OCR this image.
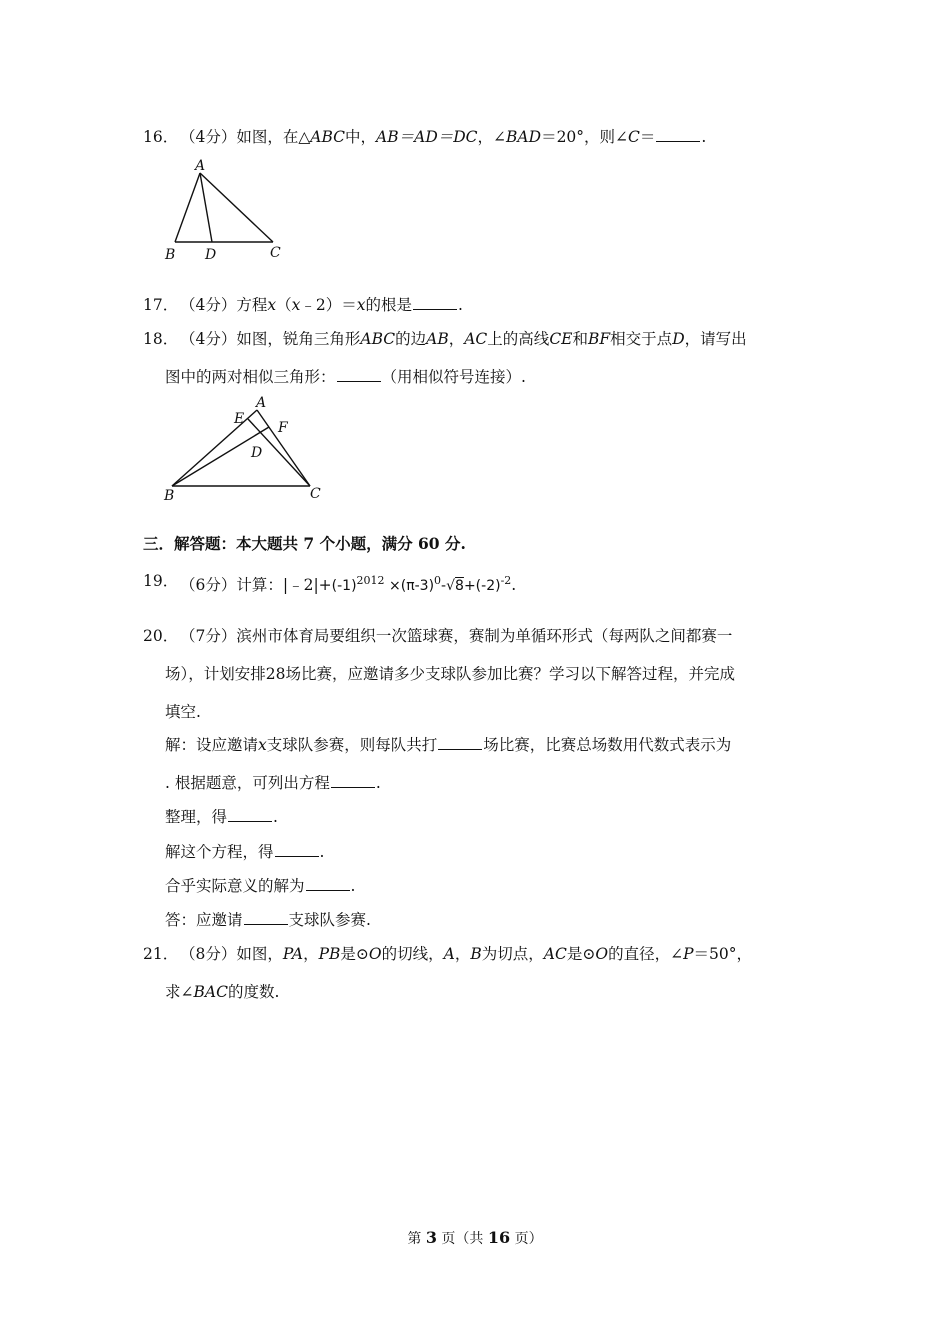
16． （4分）如图，在△ABC中，AB＝AD＝DC，∠BAD＝20°，则∠C＝	.
A
B D	C
17． （4分）方程x（x﹣2）＝x的根是	.
18． （4分）如图，锐角三角形ABC的边AB，AC上的高线CE和BF相交于点D，请写出
图中的两对相似三角形：	（用相似符号连接）.
A
E
F
D
B	C
三．解答题：本大题共 7 个小题，满分 60 分.
19． （6分）计算：$|﹣2|+(-1)^{2012} \times(\pi-3)^0-√8+(-2)^{-2}$.
20． （7分）滨州市体育局要组织一次篮球赛，赛制为单循环形式（每两队之间都赛一
场），计划安排28场比赛，应邀请多少支球队参加比赛？学习以下解答过程，并完成
填空.
解：设应邀请x支球队参赛，则每队共打	场比赛，比赛总场数用代数式表示为
. 根据题意，可列出方程	.
整理，得	.
解这个方程，得	.
合乎实际意义的解为	.
答：应邀请	支球队参赛.
21． （8分）如图，PA，PB是⊙O的切线，A，B为切点，AC是⊙O的直径，∠P＝50°，
求∠BAC的度数.
第 3 页（共 16 页）
